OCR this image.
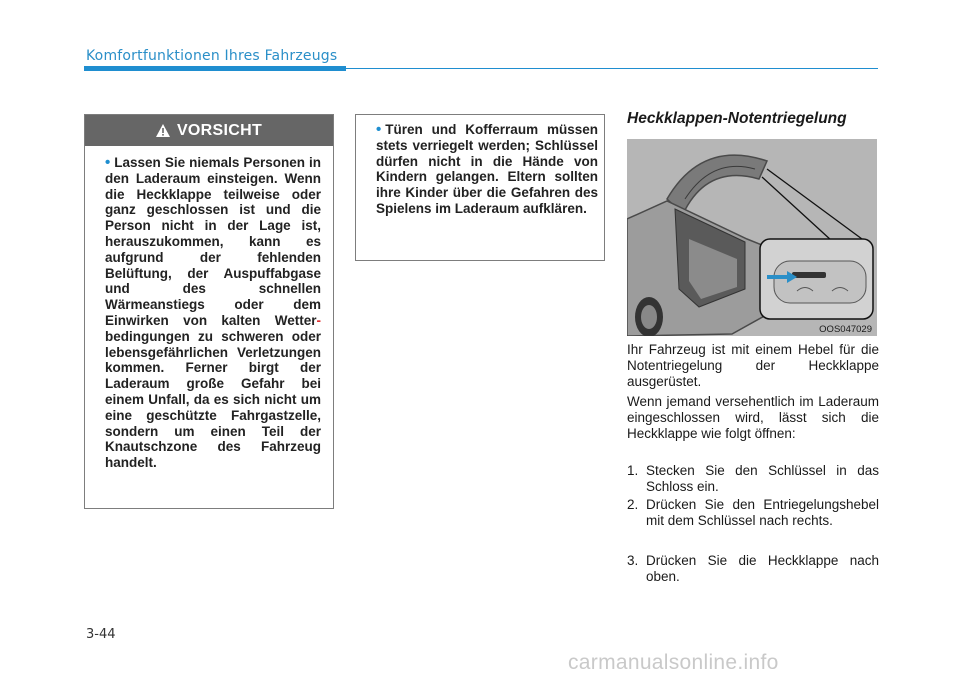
Komfortfunktionen Ihres Fahrzeugs
VORSICHT
• Lassen Sie niemals Personen in den Laderaum einsteigen. Wenn die Heckklappe teilweise oder ganz geschlossen ist und die Person nicht in der Lage ist, herauszukommen, kann es aufgrund der fehlenden Belüftung, der Auspuffabgase und des schnellen Wärmeanstiegs oder dem Einwirken von kalten Wetter- bedingungen zu schweren oder lebensgefährlichen Verletzungen kommen. Ferner birgt der Laderaum große Gefahr bei einem Unfall, da es sich nicht um eine geschützte Fahrgastzelle, sondern um einen Teil der Knautschzone des Fahrzeug handelt.
• Türen und Kofferraum müssen stets verriegelt werden; Schlüssel dürfen nicht in die Hände von Kindern gelangen. Eltern sollten ihre Kinder über die Gefahren des Spielens im Laderaum aufklären.
Heckklappen-Notentriegelung
OOS047029
Ihr Fahrzeug ist mit einem Hebel für die Notentriegelung der Heckklappe ausgerüstet.
Wenn jemand versehentlich im Laderaum eingeschlossen wird, lässt sich die Heckklappe wie folgt öffnen:
1. Stecken Sie den Schlüssel in das Schloss ein.
2. Drücken Sie den Entriegelungshebel mit dem Schlüssel nach rechts.
3. Drücken Sie die Heckklappe nach oben.
3-44
carmanualsonline.info
